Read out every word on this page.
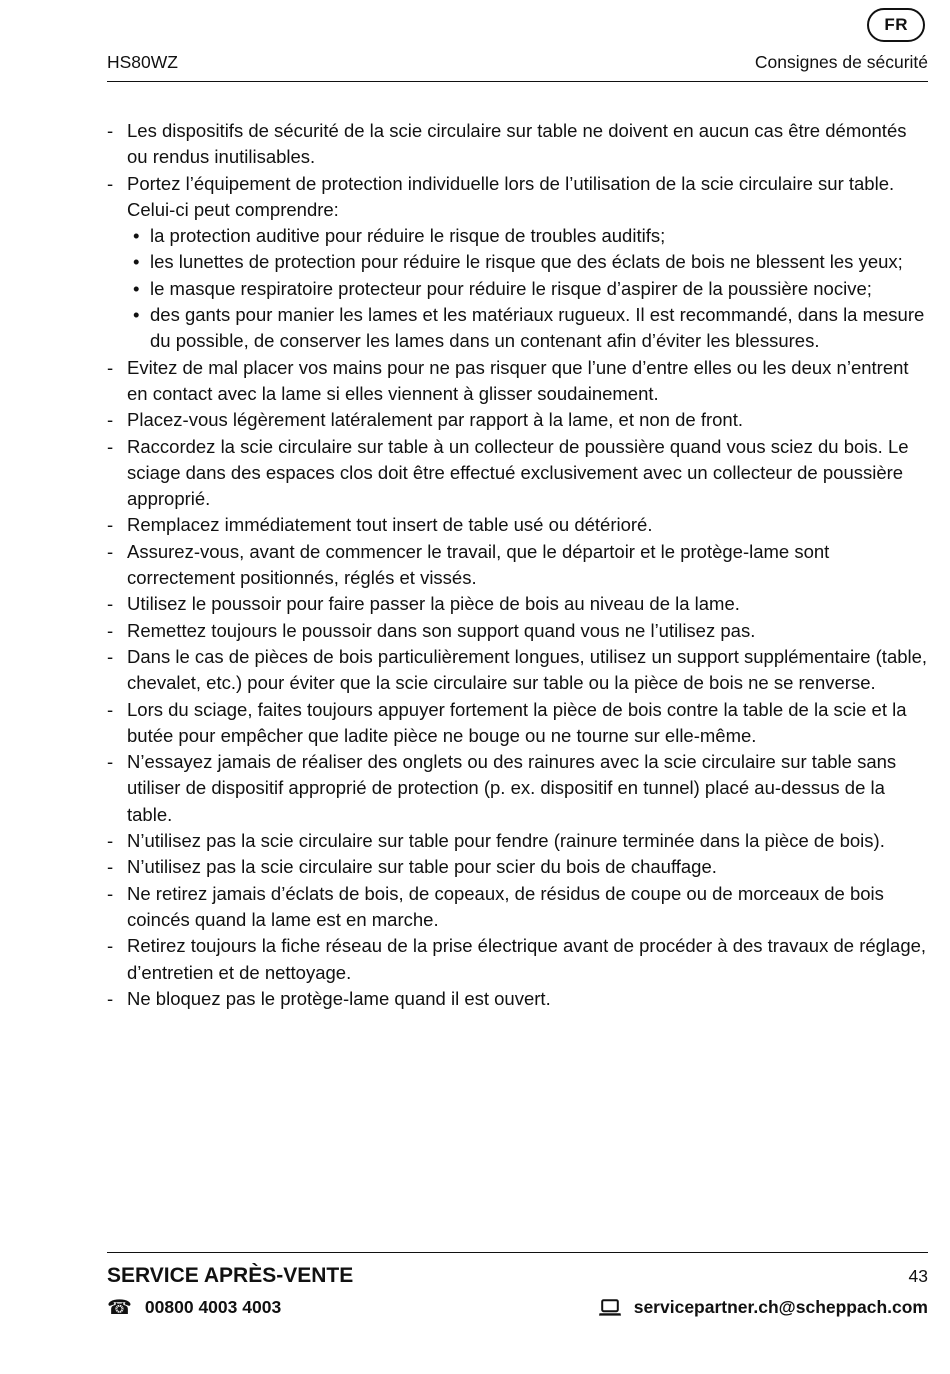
FR
HS80WZ	Consignes de sécurité
- Les dispositifs de sécurité de la scie circulaire sur table ne doivent en aucun cas être démontés ou rendus inutilisables.
- Portez l’équipement de protection individuelle lors de l’utilisation de la scie circulaire sur table.
Celui-ci peut comprendre:
• la protection auditive pour réduire le risque de troubles auditifs;
• les lunettes de protection pour réduire le risque que des éclats de bois ne blessent les yeux;
• le masque respiratoire protecteur pour réduire le risque d’aspirer de la poussière nocive;
• des gants pour manier les lames et les matériaux rugueux. Il est recommandé, dans la mesure du possible, de conserver les lames dans un contenant afin d’éviter les blessures.
- Evitez de mal placer vos mains pour ne pas risquer que l’une d’entre elles ou les deux n’entrent en contact avec la lame si elles viennent à glisser soudainement.
- Placez-vous légèrement latéralement par rapport à la lame, et non de front.
- Raccordez la scie circulaire sur table à un collecteur de poussière quand vous sciez du bois. Le sciage dans des espaces clos doit être effectué exclusivement avec un collecteur de poussière approprié.
- Remplacez immédiatement tout insert de table usé ou détérioré.
- Assurez-vous, avant de commencer le travail, que le départoir et le protège-lame sont correctement positionnés, réglés et vissés.
- Utilisez le poussoir pour faire passer la pièce de bois au niveau de la lame.
- Remettez toujours le poussoir dans son support quand vous ne l’utilisez pas.
- Dans le cas de pièces de bois particulièrement longues, utilisez un support supplémentaire (table, chevalet, etc.) pour éviter que la scie circulaire sur table ou la pièce de bois ne se renverse.
- Lors du sciage, faites toujours appuyer fortement la pièce de bois contre la table de la scie et la butée pour empêcher que ladite pièce ne bouge ou ne tourne sur elle-même.
- N’essayez jamais de réaliser des onglets ou des rainures avec la scie circulaire sur table sans utiliser de dispositif approprié de protection (p. ex. dispositif en tunnel) placé au-dessus de la table.
- N’utilisez pas la scie circulaire sur table pour fendre (rainure terminée dans la pièce de bois).
- N’utilisez pas la scie circulaire sur table pour scier du bois de chauffage.
- Ne retirez jamais d’éclats de bois, de copeaux, de résidus de coupe ou de morceaux de bois coincés quand la lame est en marche.
- Retirez toujours la fiche réseau de la prise électrique avant de procéder à des travaux de réglage, d’entretien et de nettoyage.
- Ne bloquez pas le protège-lame quand il est ouvert.
SERVICE APRÈS-VENTE	43
☎ 00800 4003 4003	servicepartner.ch@scheppach.com
